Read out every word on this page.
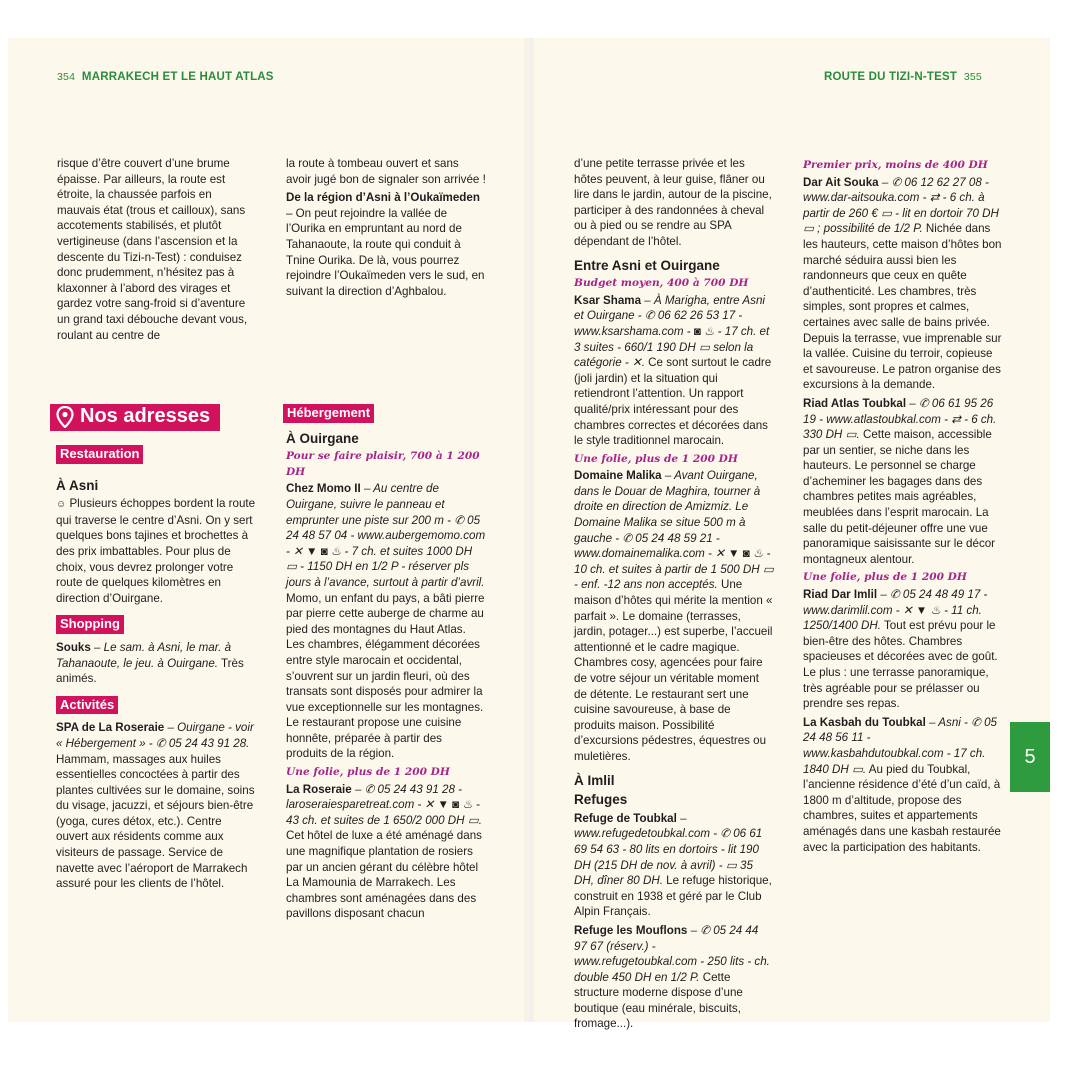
354 MARRAKECH ET LE HAUT ATLAS	ROUTE DU TIZI-N-TEST 355

risque d’être couvert d’une brume épaisse. Par ailleurs, la route est étroite, la chaussée parfois en mauvais état (trous et cailloux), sans accotements stabilisés, et plutôt vertigineuse (dans l’ascension et la descente du Tizi-n-Test) : conduisez donc prudemment, n’hésitez pas à klaxonner à l’abord des virages et gardez votre sang-froid si d’aventure un grand taxi débouche devant vous, roulant au centre de

Nos adresses
Restauration
À Asni

☺ Plusieurs échoppes bordent la route qui traverse le centre d’Asni. On y sert quelques bons tajines et brochettes à des prix imbattables. Pour plus de choix, vous devrez prolonger votre route de quelques kilomètres en direction d’Ouirgane.

Shopping

Souks – Le sam. à Asni, le mar. à Tahanaoute, le jeu. à Ouirgane. Très animés.

Activités

SPA de La Roseraie – Ouirgane - voir « Hébergement » - ✆ 05 24 43 91 28. Hammam, massages aux huiles essentielles concoctées à partir des plantes cultivées sur le domaine, soins du visage, jacuzzi, et séjours bien-être (yoga, cures détox, etc.). Centre ouvert aux résidents comme aux visiteurs de passage. Service de navette avec l’aéroport de Marrakech assuré pour les clients de l’hôtel.

la route à tombeau ouvert et sans avoir jugé bon de signaler son arrivée !

De la région d’Asni à l’Oukaïmeden – On peut rejoindre la vallée de l’Ourika en empruntant au nord de Tahanaoute, la route qui conduit à Tnine Ourika. De là, vous pourrez rejoindre l’Oukaïmeden vers le sud, en suivant la direction d’Aghbalou.

Hébergement
À Ouirgane
Pour se faire plaisir, 700 à 1 200 DH

Chez Momo II – Au centre de Ouirgane, suivre le panneau et emprunter une piste sur 200 m - ✆ 05 24 48 57 04 - www.aubergemomo.com - ✕ ▼ ◙ ♨ - 7 ch. et suites 1000 DH ▭ - 1150 DH en 1/2 P - réserver pls jours à l’avance, surtout à partir d’avril. Momo, un enfant du pays, a bâti pierre par pierre cette auberge de charme au pied des montagnes du Haut Atlas. Les chambres, élégamment décorées entre style marocain et occidental, s’ouvrent sur un jardin fleuri, où des transats sont disposés pour admirer la vue exceptionnelle sur les montagnes. Le restaurant propose une cuisine honnête, préparée à partir des produits de la région.

Une folie, plus de 1 200 DH

La Roseraie – ✆ 05 24 43 91 28 - laroseraiesparetreat.com - ✕ ▼ ◙ ♨ - 43 ch. et suites de 1 650/2 000 DH ▭. Cet hôtel de luxe a été aménagé dans une magnifique plantation de rosiers par un ancien gérant du célèbre hôtel La Mamounia de Marrakech. Les chambres sont aménagées dans des pavillons disposant chacun

d’une petite terrasse privée et les hôtes peuvent, à leur guise, flâner ou lire dans le jardin, autour de la piscine, participer à des randonnées à cheval ou à pied ou se rendre au SPA dépendant de l’hôtel.

Entre Asni et Ouirgane
Budget moyen, 400 à 700 DH

Ksar Shama – À Marigha, entre Asni et Ouirgane - ✆ 06 62 26 53 17 - www.ksarshama.com - ◙ ♨ - 17 ch. et 3 suites - 660/1 190 DH ▭ selon la catégorie - ✕. Ce sont surtout le cadre (joli jardin) et la situation qui retiendront l’attention. Un rapport qualité/prix intéressant pour des chambres correctes et décorées dans le style traditionnel marocain.

Une folie, plus de 1 200 DH

Domaine Malika – Avant Ouirgane, dans le Douar de Maghira, tourner à droite en direction de Amizmiz. Le Domaine Malika se situe 500 m à gauche - ✆ 05 24 48 59 21 - www.domainemalika.com - ✕ ▼ ◙ ♨ - 10 ch. et suites à partir de 1 500 DH ▭ - enf. -12 ans non acceptés. Une maison d’hôtes qui mérite la mention « parfait ». Le domaine (terrasses, jardin, potager...) est superbe, l’accueil attentionné et le cadre magique. Chambres cosy, agencées pour faire de votre séjour un véritable moment de détente. Le restaurant sert une cuisine savoureuse, à base de produits maison. Possibilité d’excursions pédestres, équestres ou muletières.

À Imlil
Refuges

Refuge de Toubkal – www.refugedetoubkal.com - ✆ 06 61 69 54 63 - 80 lits en dortoirs - lit 190 DH (215 DH de nov. à avril) - ▭ 35 DH, dîner 80 DH. Le refuge historique, construit en 1938 et géré par le Club Alpin Français.

Refuge les Mouflons – ✆ 05 24 44 97 67 (réserv.) - www.refugetoubkal.com - 250 lits - ch. double 450 DH en 1/2 P. Cette structure moderne dispose d’une boutique (eau minérale, biscuits, fromage...).

Premier prix, moins de 400 DH

Dar Ait Souka – ✆ 06 12 62 27 08 - www.dar-aitsouka.com - ⇄ - 6 ch. à partir de 260 € ▭ - lit en dortoir 70 DH ▭ ; possibilité de 1/2 P. Nichée dans les hauteurs, cette maison d’hôtes bon marché séduira aussi bien les randonneurs que ceux en quête d’authenticité. Les chambres, très simples, sont propres et calmes, certaines avec salle de bains privée. Depuis la terrasse, vue imprenable sur la vallée. Cuisine du terroir, copieuse et savoureuse. Le patron organise des excursions à la demande.

Riad Atlas Toubkal – ✆ 06 61 95 26 19 - www.atlastoubkal.com - ⇄ - 6 ch. 330 DH ▭. Cette maison, accessible par un sentier, se niche dans les hauteurs. Le personnel se charge d’acheminer les bagages dans des chambres petites mais agréables, meublées dans l’esprit marocain. La salle du petit-déjeuner offre une vue panoramique saisissante sur le décor montagneux alentour.

Une folie, plus de 1 200 DH

Riad Dar Imlil – ✆ 05 24 48 49 17 - www.darimlil.com - ✕ ▼ ♨ - 11 ch. 1250/1400 DH. Tout est prévu pour le bien-être des hôtes. Chambres spacieuses et décorées avec de goût. Le plus : une terrasse panoramique, très agréable pour se prélasser ou prendre ses repas.

La Kasbah du Toubkal – Asni - ✆ 05 24 48 56 11 - www.kasbahdutoubkal.com - 17 ch. 1840 DH ▭. Au pied du Toubkal, l’ancienne résidence d’été d’un caïd, à 1800 m d’altitude, propose des chambres, suites et appartements aménagés dans une kasbah restaurée avec la participation des habitants.

5
